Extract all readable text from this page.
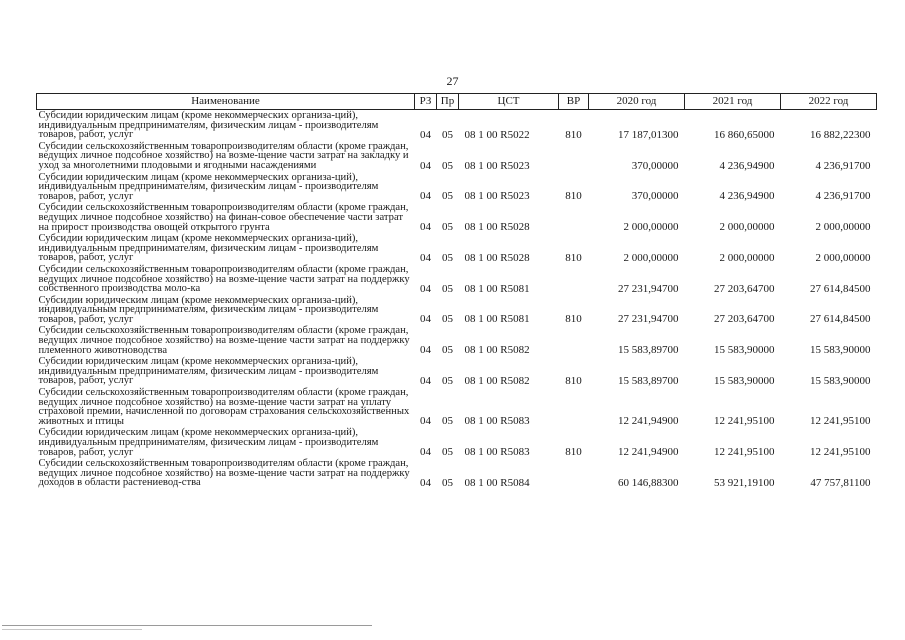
27
Наименование	РЗ	Пр	ЦСТ	ВР	2020 год	2021 год	2022 год
Субсидии юридическим лицам (кроме некоммерческих организа-ций), индивидуальным предпринимателям, физическим лицам - производителям товаров, работ, услуг	04	05	08 1 00 R5022	810	17 187,01300	16 860,65000	16 882,22300
Субсидии сельскохозяйственным товаропроизводителям области (кроме граждан, ведущих личное подсобное хозяйство) на возме-щение части затрат на закладку и уход за многолетними плодовыми и ягодными насаждениями	04	05	08 1 00 R5023		370,00000	4 236,94900	4 236,91700
Субсидии юридическим лицам (кроме некоммерческих организа-ций), индивидуальным предпринимателям, физическим лицам - производителям товаров, работ, услуг	04	05	08 1 00 R5023	810	370,00000	4 236,94900	4 236,91700
Субсидии сельскохозяйственным товаропроизводителям области (кроме граждан, ведущих личное подсобное хозяйство) на финан-совое обеспечение части затрат на прирост производства овощей открытого грунта	04	05	08 1 00 R5028		2 000,00000	2 000,00000	2 000,00000
Субсидии юридическим лицам (кроме некоммерческих организа-ций), индивидуальным предпринимателям, физическим лицам - производителям товаров, работ, услуг	04	05	08 1 00 R5028	810	2 000,00000	2 000,00000	2 000,00000
Субсидии сельскохозяйственным товаропроизводителям области (кроме граждан, ведущих личное подсобное хозяйство) на возме-щение части затрат на поддержку собственного производства моло-ка	04	05	08 1 00 R5081		27 231,94700	27 203,64700	27 614,84500
Субсидии юридическим лицам (кроме некоммерческих организа-ций), индивидуальным предпринимателям, физическим лицам - производителям товаров, работ, услуг	04	05	08 1 00 R5081	810	27 231,94700	27 203,64700	27 614,84500
Субсидии сельскохозяйственным товаропроизводителям области (кроме граждан, ведущих личное подсобное хозяйство) на возме-щение части затрат на поддержку племенного животноводства	04	05	08 1 00 R5082		15 583,89700	15 583,90000	15 583,90000
Субсидии юридическим лицам (кроме некоммерческих организа-ций), индивидуальным предпринимателям, физическим лицам - производителям товаров, работ, услуг	04	05	08 1 00 R5082	810	15 583,89700	15 583,90000	15 583,90000
Субсидии сельскохозяйственным товаропроизводителям области (кроме граждан, ведущих личное подсобное хозяйство) на возме-щение части затрат на уплату страховой премии, начисленной по договорам страхования сельскохозяйственных животных и птицы	04	05	08 1 00 R5083		12 241,94900	12 241,95100	12 241,95100
Субсидии юридическим лицам (кроме некоммерческих организа-ций), индивидуальным предпринимателям, физическим лицам - производителям товаров, работ, услуг	04	05	08 1 00 R5083	810	12 241,94900	12 241,95100	12 241,95100
Субсидии сельскохозяйственным товаропроизводителям области (кроме граждан, ведущих личное подсобное хозяйство) на возме-щение части затрат на поддержку доходов в области растениевод-ства	04	05	08 1 00 R5084		60 146,88300	53 921,19100	47 757,81100
